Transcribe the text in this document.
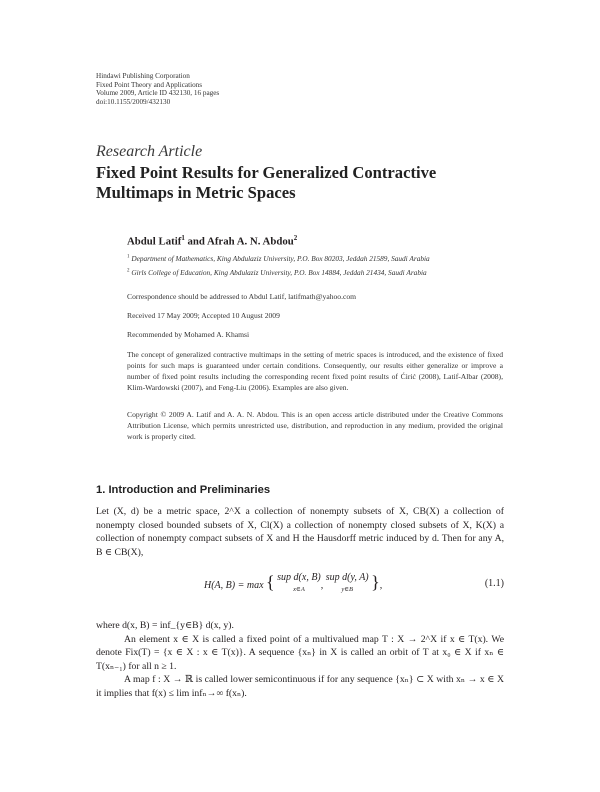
Hindawi Publishing Corporation
Fixed Point Theory and Applications
Volume 2009, Article ID 432130, 16 pages
doi:10.1155/2009/432130
Research Article
Fixed Point Results for Generalized Contractive Multimaps in Metric Spaces
Abdul Latif$^1$ and Afrah A. N. Abdou$^2$
$^1$ Department of Mathematics, King Abdulaziz University, P.O. Box 80203, Jeddah 21589, Saudi Arabia
$^2$ Girls College of Education, King Abdulaziz University, P.O. Box 14884, Jeddah 21434, Saudi Arabia
Correspondence should be addressed to Abdul Latif, latifmath@yahoo.com
Received 17 May 2009; Accepted 10 August 2009
Recommended by Mohamed A. Khamsi
The concept of generalized contractive multimaps in the setting of metric spaces is introduced, and the existence of fixed points for such maps is guaranteed under certain conditions. Consequently, our results either generalize or improve a number of fixed point results including the corresponding recent fixed point results of Ćirić (2008), Latif-Albar (2008), Klim-Wardowski (2007), and Feng-Liu (2006). Examples are also given.
Copyright © 2009 A. Latif and A. A. N. Abdou. This is an open access article distributed under the Creative Commons Attribution License, which permits unrestricted use, distribution, and reproduction in any medium, provided the original work is properly cited.
1. Introduction and Preliminaries
Let (X, d) be a metric space, 2^X a collection of nonempty subsets of X, CB(X) a collection of nonempty closed bounded subsets of X, Cl(X) a collection of nonempty closed subsets of X, K(X) a collection of nonempty compact subsets of X and H the Hausdorff metric induced by d. Then for any A, B ∈ CB(X),
H(A, B) = max { sup d(x, B)
x∈A , sup d(y, A)
y∈B },	(1.1)
where d(x, B) = inf_{y∈B} d(x, y).
An element x ∈ X is called a fixed point of a multivalued map T : X → 2^X if x ∈ T(x). We denote Fix(T) = {x ∈ X : x ∈ T(x)}. A sequence {xₙ} in X is called an orbit of T at x₀ ∈ X if xₙ ∈ T(xₙ₋₁) for all n ≥ 1.
A map f : X → ℝ is called lower semicontinuous if for any sequence {xₙ} ⊂ X with xₙ → x ∈ X it implies that f(x) ≤ lim infₙ→∞ f(xₙ).
